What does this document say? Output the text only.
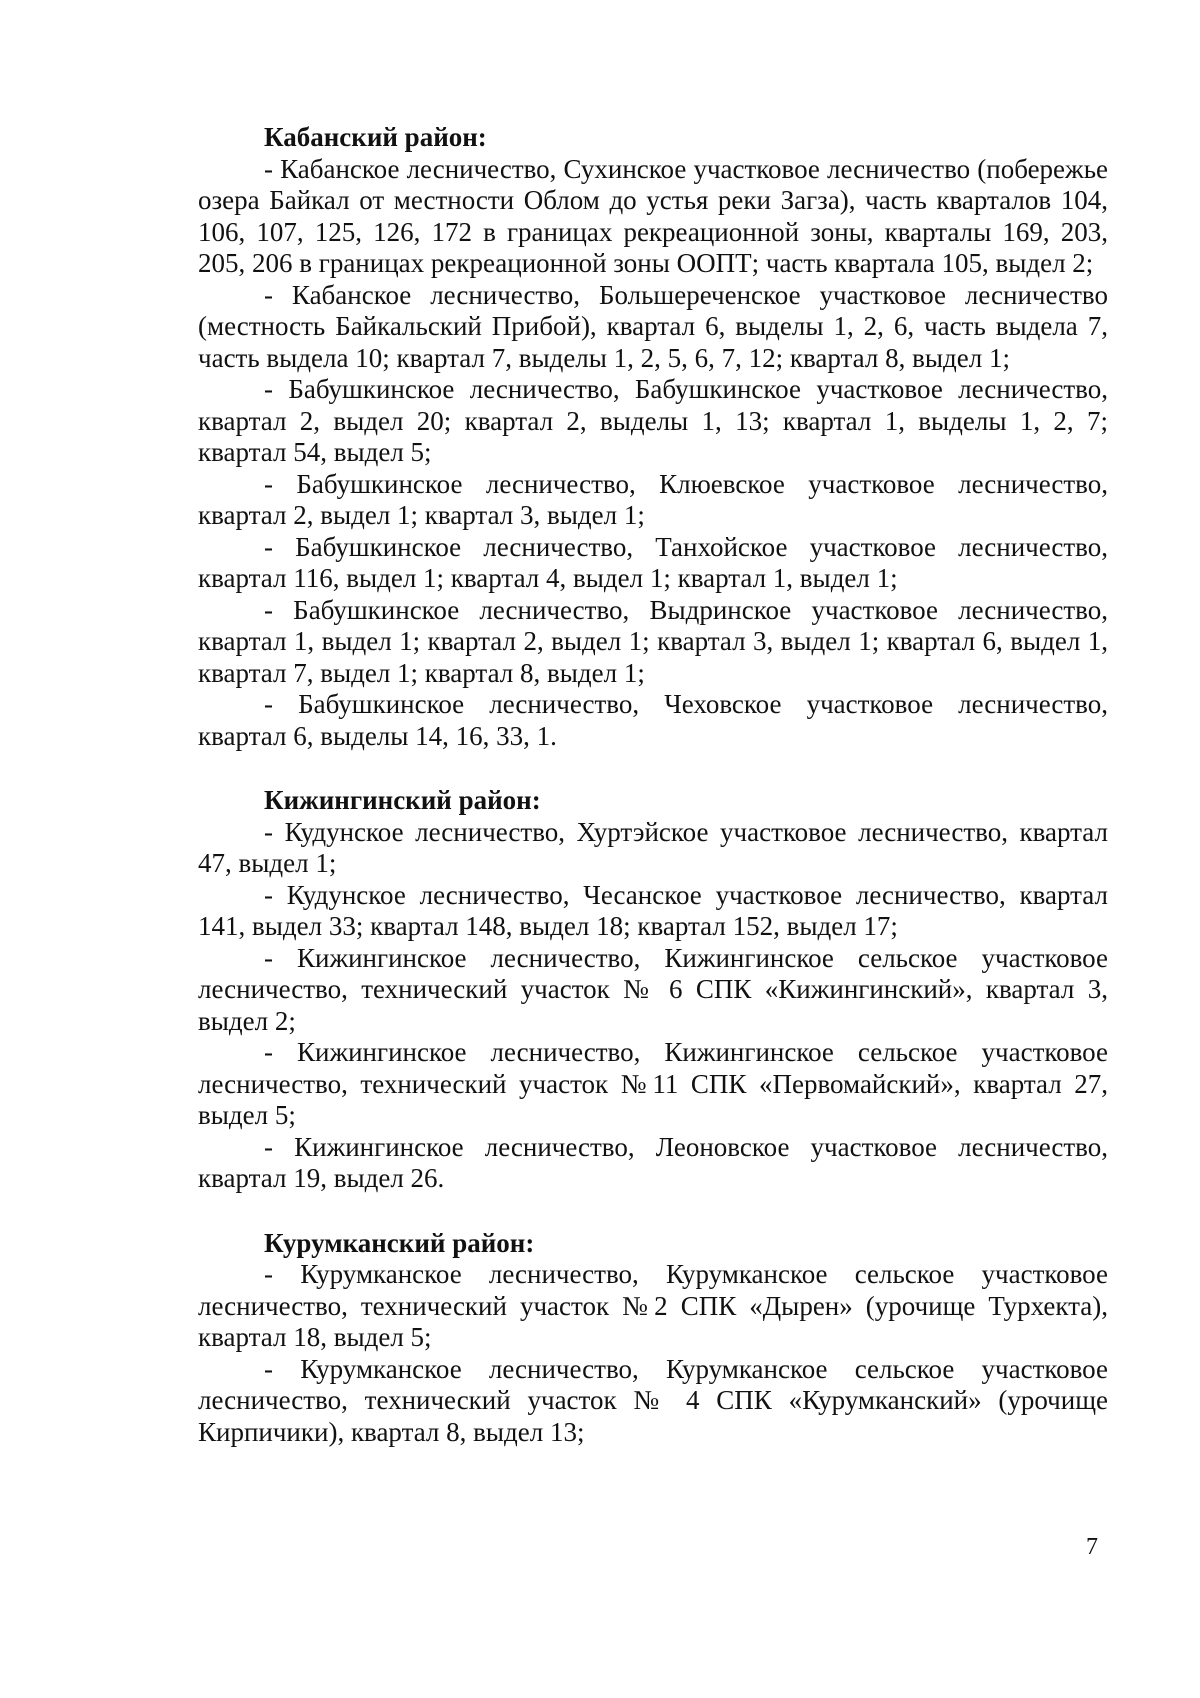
Кабанский район:

- Кабанское лесничество, Сухинское участковое лесничество (побережье озера Байкал от местности Облом до устья реки Загза), часть кварталов 104, 106, 107, 125, 126, 172 в границах рекреационной зоны, кварталы 169, 203, 205, 206 в границах рекреационной зоны ООПТ; часть квартала 105, выдел 2;

- Кабанское лесничество, Большереченское участковое лесничество (местность Байкальский Прибой), квартал 6, выделы 1, 2, 6, часть выдела 7, часть выдела 10; квартал 7, выделы 1, 2, 5, 6, 7, 12; квартал 8, выдел 1;

- Бабушкинское лесничество, Бабушкинское участковое лесничество, квартал 2, выдел 20; квартал 2, выделы 1, 13; квартал 1, выделы 1, 2, 7; квартал 54, выдел 5;

- Бабушкинское лесничество, Клюевское участковое лесничество, квартал 2, выдел 1; квартал 3, выдел 1;

- Бабушкинское лесничество, Танхойское участковое лесничество, квартал 116, выдел 1; квартал 4, выдел 1; квартал 1, выдел 1;

- Бабушкинское лесничество, Выдринское участковое лесничество, квартал 1, выдел 1; квартал 2, выдел 1; квартал 3, выдел 1; квартал 6, выдел 1, квартал 7, выдел 1; квартал 8, выдел 1;

- Бабушкинское лесничество, Чеховское участковое лесничество, квартал 6, выделы 14, 16, 33, 1.

Кижингинский район:

- Кудунское лесничество, Хуртэйское участковое лесничество, квартал 47, выдел 1;

- Кудунское лесничество, Чесанское участковое лесничество, квартал 141, выдел 33; квартал 148, выдел 18; квартал 152, выдел 17;

- Кижингинское лесничество, Кижингинское сельское участковое лесничество, технический участок № 6 СПК «Кижингинский», квартал 3, выдел 2;

- Кижингинское лесничество, Кижингинское сельское участковое лесничество, технический участок №11 СПК «Первомайский», квартал 27, выдел 5;

- Кижингинское лесничество, Леоновское участковое лесничество, квартал 19, выдел 26.

Курумканский район:

- Курумканское лесничество, Курумканское сельское участковое лесничество, технический участок №2 СПК «Дырен» (урочище Турхекта), квартал 18, выдел 5;

- Курумканское лесничество, Курумканское сельское участковое лесничество, технический участок № 4 СПК «Курумканский» (урочище Кирпичики), квартал 8, выдел 13;

7
